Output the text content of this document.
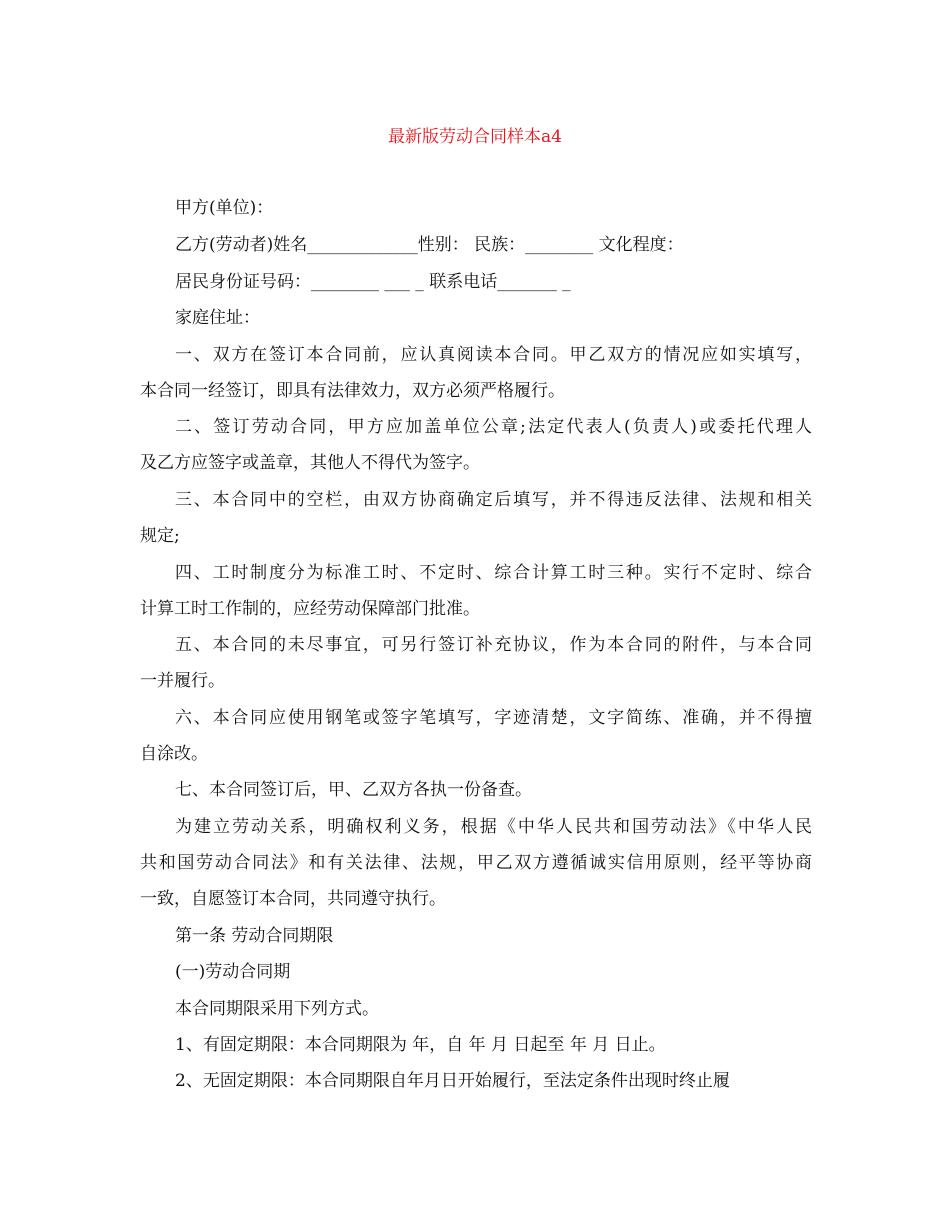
最新版劳动合同样本a4
甲方(单位)：
乙方(劳动者)姓名_____________性别： 民族：________ 文化程度：
居民身份证号码：________ ___ _ 联系电话_______ _
家庭住址：
一、双方在签订本合同前，应认真阅读本合同。甲乙双方的情况应如实填写，
本合同一经签订，即具有法律效力，双方必须严格履行。
二、签订劳动合同，甲方应加盖单位公章;法定代表人(负责人)或委托代理人
及乙方应签字或盖章，其他人不得代为签字。
三、本合同中的空栏，由双方协商确定后填写，并不得违反法律、法规和相关
规定;
四、工时制度分为标准工时、不定时、综合计算工时三种。实行不定时、综合
计算工时工作制的，应经劳动保障部门批准。
五、本合同的未尽事宜，可另行签订补充协议，作为本合同的附件，与本合同
一并履行。
六、本合同应使用钢笔或签字笔填写，字迹清楚，文字简练、准确，并不得擅
自涂改。
七、本合同签订后，甲、乙双方各执一份备查。
为建立劳动关系，明确权利义务，根据《中华人民共和国劳动法》《中华人民
共和国劳动合同法》和有关法律、法规，甲乙双方遵循诚实信用原则，经平等协商
一致，自愿签订本合同，共同遵守执行。
第一条 劳动合同期限
(一)劳动合同期
本合同期限采用下列方式。
1、有固定期限：本合同期限为 年，自 年 月 日起至 年 月 日止。
2、无固定期限：本合同期限自年月日开始履行，至法定条件出现时终止履
